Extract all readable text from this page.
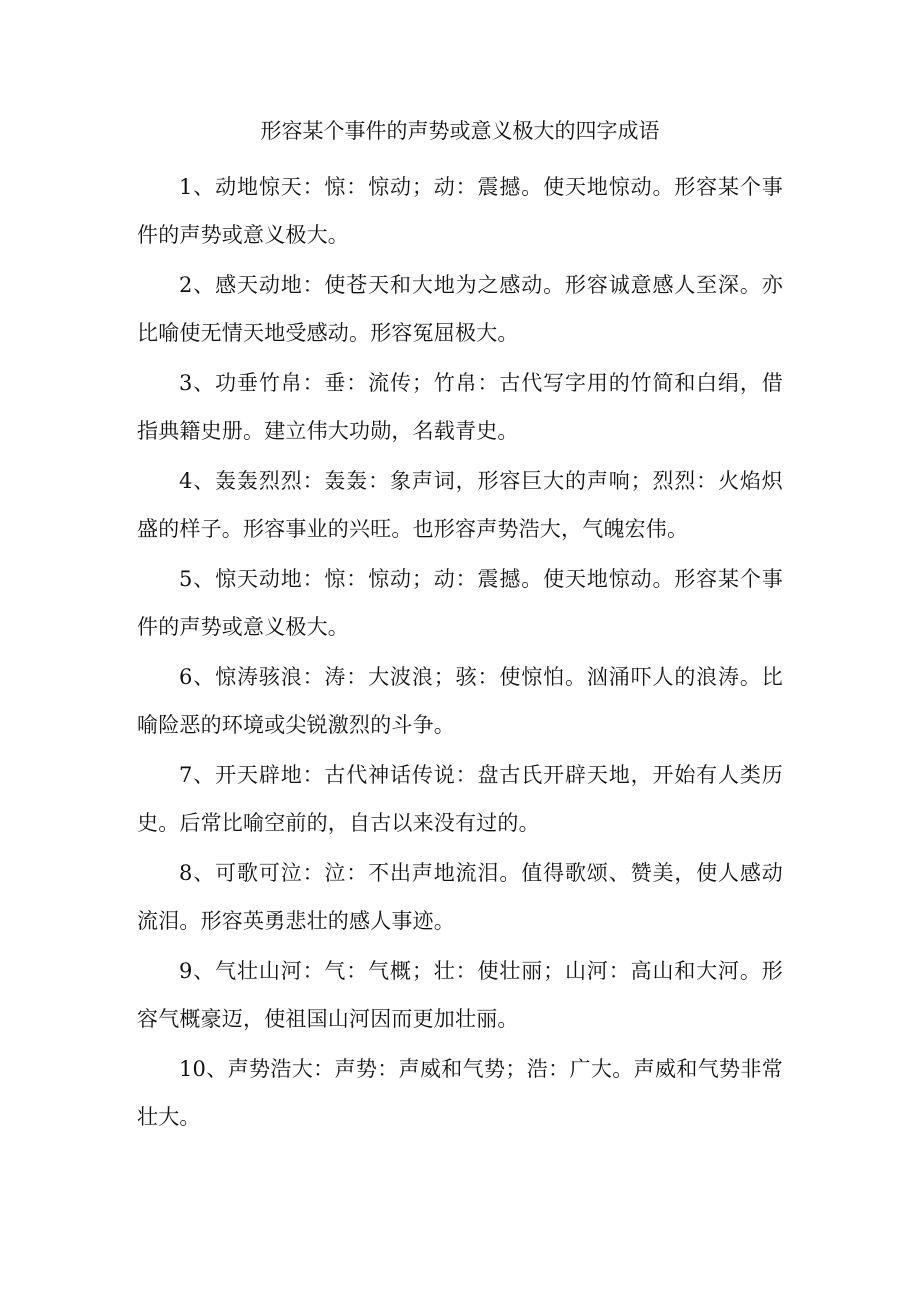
形容某个事件的声势或意义极大的四字成语

1、动地惊天：惊：惊动；动：震撼。使天地惊动。形容某个事件的声势或意义极大。

2、感天动地：使苍天和大地为之感动。形容诚意感人至深。亦比喻使无情天地受感动。形容冤屈极大。

3、功垂竹帛：垂：流传；竹帛：古代写字用的竹简和白绢，借指典籍史册。建立伟大功勋，名载青史。

4、轰轰烈烈：轰轰：象声词，形容巨大的声响；烈烈：火焰炽盛的样子。形容事业的兴旺。也形容声势浩大，气魄宏伟。

5、惊天动地：惊：惊动；动：震撼。使天地惊动。形容某个事件的声势或意义极大。

6、惊涛骇浪：涛：大波浪；骇：使惊怕。汹涌吓人的浪涛。比喻险恶的环境或尖锐激烈的斗争。

7、开天辟地：古代神话传说：盘古氏开辟天地，开始有人类历史。后常比喻空前的，自古以来没有过的。

8、可歌可泣：泣：不出声地流泪。值得歌颂、赞美，使人感动流泪。形容英勇悲壮的感人事迹。

9、气壮山河：气：气概；壮：使壮丽；山河：高山和大河。形容气概豪迈，使祖国山河因而更加壮丽。

10、声势浩大：声势：声威和气势；浩：广大。声威和气势非常壮大。
